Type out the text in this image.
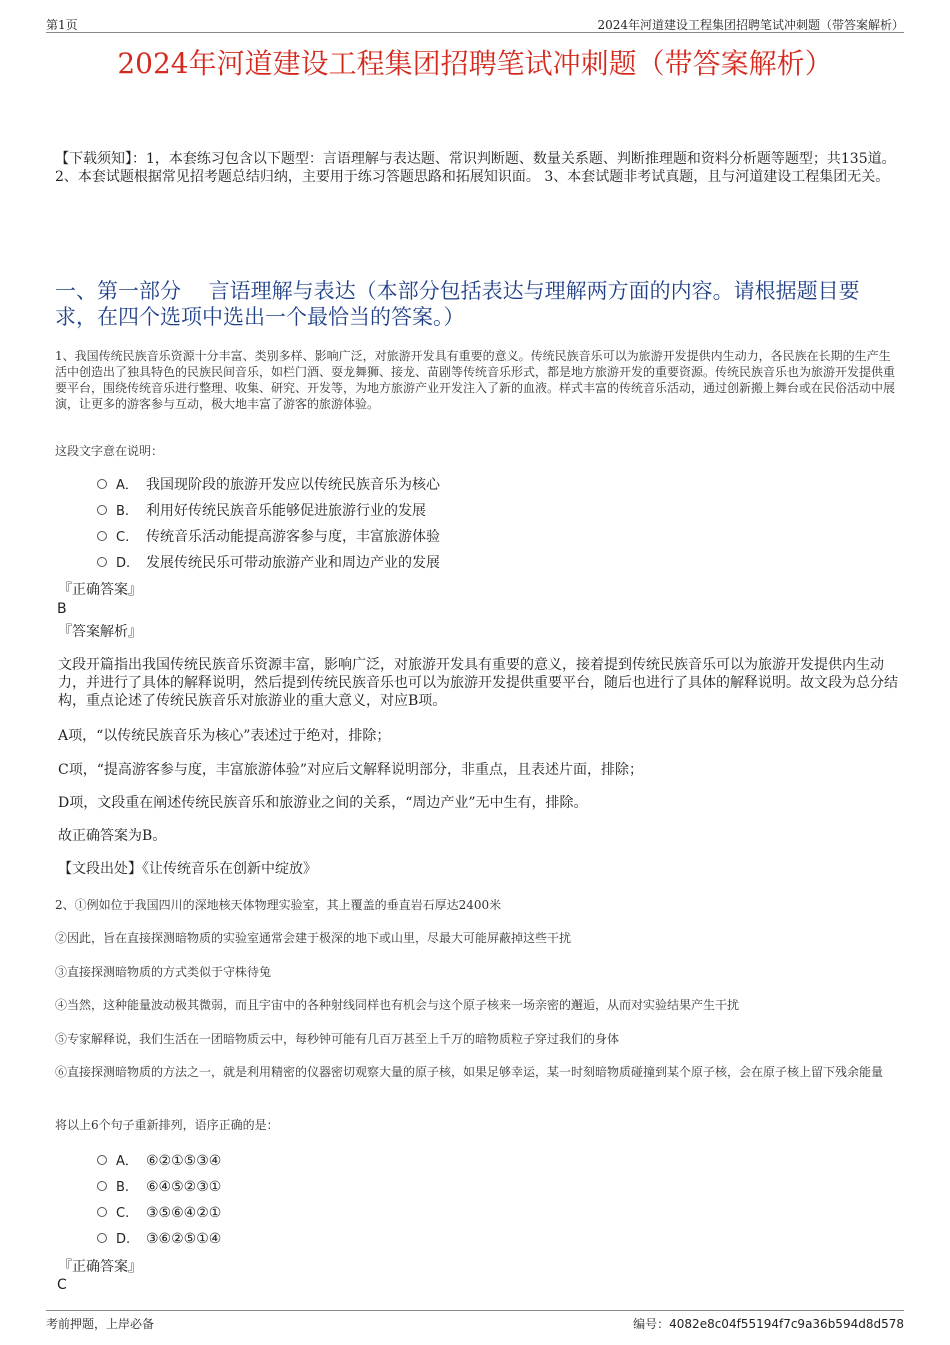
第1页	2024年河道建设工程集团招聘笔试冲刺题（带答案解析）
2024年河道建设工程集团招聘笔试冲刺题（带答案解析）
【下载须知】：1，本套练习包含以下题型：言语理解与表达题、常识判断题、数量关系题、判断推理题和资料分析题等题型；共135道。 2、本套试题根据常见招考题总结归纳，主要用于练习答题思路和拓展知识面。 3、本套试题非考试真题，且与河道建设工程集团无关。
一、第一部分　 言语理解与表达（本部分包括表达与理解两方面的内容。请根据题目要求，在四个选项中选出一个最恰当的答案。）
1、我国传统民族音乐资源十分丰富、类别多样、影响广泛，对旅游开发具有重要的意义。传统民族音乐可以为旅游开发提供内生动力，各民族在长期的生产生活中创造出了独具特色的民族民间音乐，如栏门酒、耍龙舞狮、接龙、苗剧等传统音乐形式，都是地方旅游开发的重要资源。传统民族音乐也为旅游开发提供重要平台，围绕传统音乐进行整理、收集、研究、开发等，为地方旅游产业开发注入了新的血液。样式丰富的传统音乐活动，通过创新搬上舞台或在民俗活动中展演，让更多的游客参与互动，极大地丰富了游客的旅游体验。
这段文字意在说明：
A． 我国现阶段的旅游开发应以传统民族音乐为核心
B. 利用好传统民族音乐能够促进旅游行业的发展
C. 传统音乐活动能提高游客参与度，丰富旅游体验
D. 发展传统民乐可带动旅游产业和周边产业的发展
『正确答案』
B
『答案解析』
文段开篇指出我国传统民族音乐资源丰富，影响广泛，对旅游开发具有重要的意义，接着提到传统民族音乐可以为旅游开发提供内生动力，并进行了具体的解释说明，然后提到传统民族音乐也可以为旅游开发提供重要平台，随后也进行了具体的解释说明。故文段为总分结构，重点论述了传统民族音乐对旅游业的重大意义，对应B项。
A项，“以传统民族音乐为核心”表述过于绝对，排除；
C项，“提高游客参与度，丰富旅游体验”对应后文解释说明部分，非重点，且表述片面，排除；
D项，文段重在阐述传统民族音乐和旅游业之间的关系，“周边产业”无中生有，排除。
故正确答案为B。
【文段出处】《让传统音乐在创新中绽放》
2、①例如位于我国四川的深地核天体物理实验室，其上覆盖的垂直岩石厚达2400米
②因此，旨在直接探测暗物质的实验室通常会建于极深的地下或山里，尽最大可能屏蔽掉这些干扰
③直接探测暗物质的方式类似于守株待兔
④当然，这种能量波动极其微弱，而且宇宙中的各种射线同样也有机会与这个原子核来一场亲密的邂逅，从而对实验结果产生干扰
⑤专家解释说，我们生活在一团暗物质云中，每秒钟可能有几百万甚至上千万的暗物质粒子穿过我们的身体
⑥直接探测暗物质的方法之一，就是利用精密的仪器密切观察大量的原子核，如果足够幸运，某一时刻暗物质碰撞到某个原子核，会在原子核上留下残余能量
将以上6个句子重新排列，语序正确的是：
A． ⑥②①⑤③④
B. ⑥④⑤②③①
C. ③⑤⑥④②①
D. ③⑥②⑤①④
『正确答案』
C
考前押题，上岸必备	编号：4082e8c04f55194f7c9a36b594d8d578
